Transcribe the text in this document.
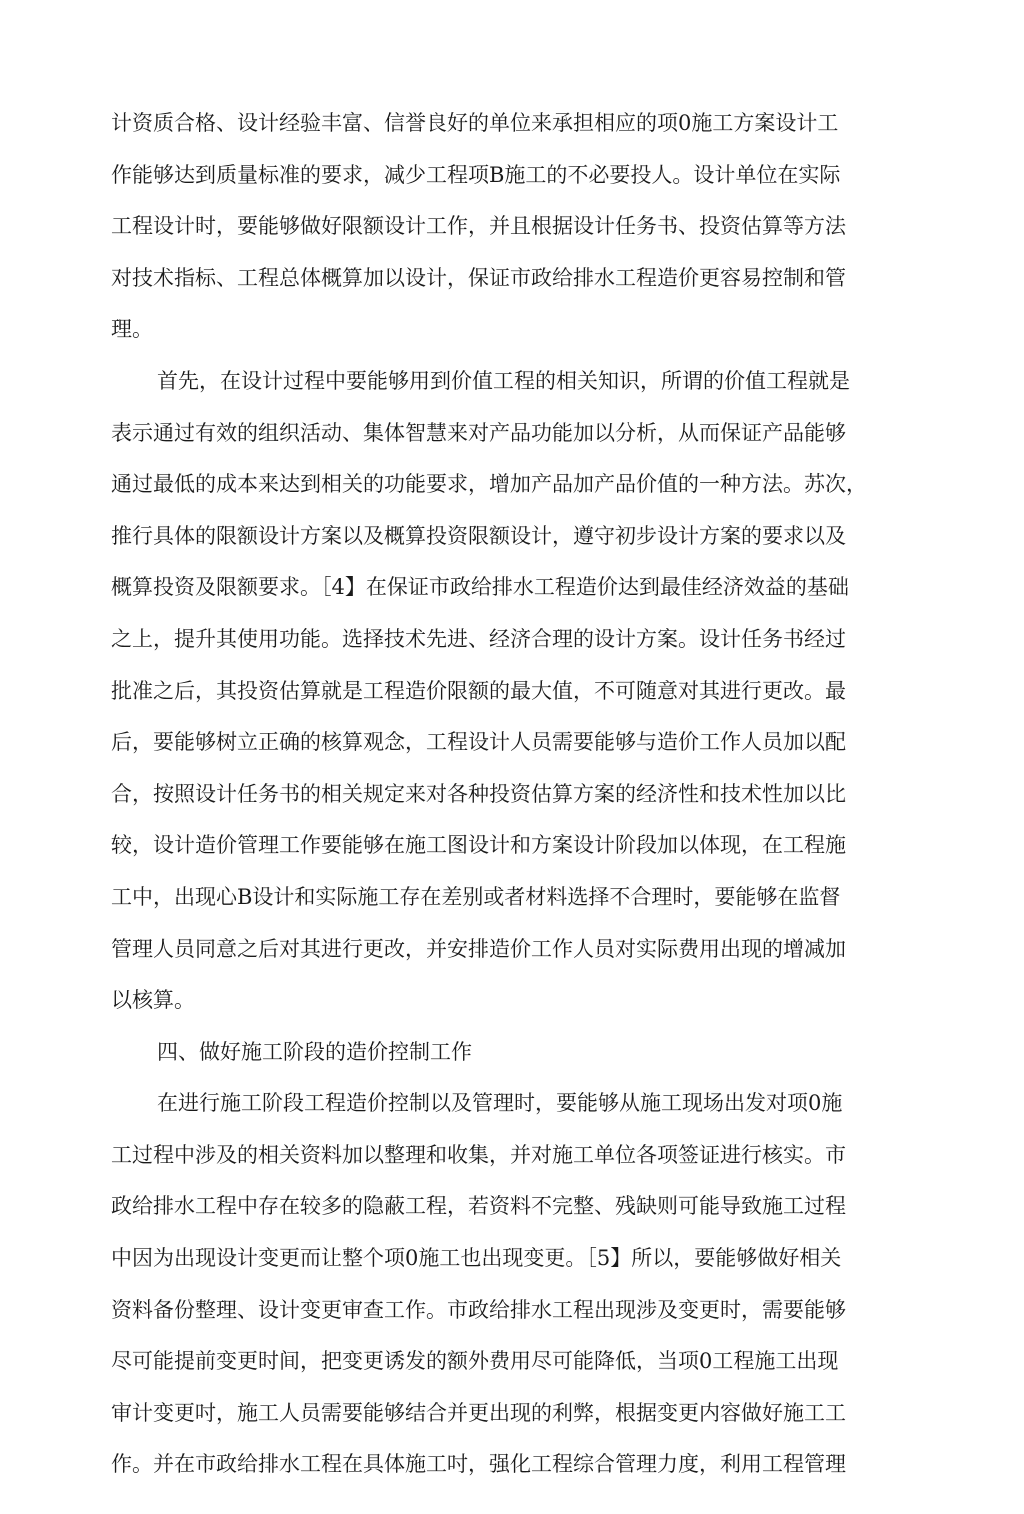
计资质合格、设计经验丰富、信誉良好的单位来承担相应的项0施工方案设计工
作能够达到质量标准的要求，减少工程项B施工的不必要投人。设计单位在实际
工程设计时，要能够做好限额设计工作，并且根据设计任务书、投资估算等方法
对技术指标、工程总体概算加以设计，保证市政给排水工程造价更容易控制和管
理。
首先，在设计过程中要能够用到价值工程的相关知识，所谓的价值工程就是
表示通过有效的组织活动、集体智慧来对产品功能加以分析，从而保证产品能够
通过最低的成本来达到相关的功能要求，增加产品加产品价值的一种方法。苏次，
推行具体的限额设计方案以及概算投资限额设计，遵守初步设计方案的要求以及
概算投资及限额要求。［4】在保证市政给排水工程造价达到最佳经济效益的基础
之上，提升其使用功能。选择技术先进、经济合理的设计方案。设计任务书经过
批准之后，其投资估算就是工程造价限额的最大值，不可随意对其进行更改。最
后，要能够树立正确的核算观念，工程设计人员需要能够与造价工作人员加以配
合，按照设计任务书的相关规定来对各种投资估算方案的经济性和技术性加以比
较，设计造价管理工作要能够在施工图设计和方案设计阶段加以体现，在工程施
工中，出现心B设计和实际施工存在差别或者材料选择不合理时，要能够在监督
管理人员同意之后对其进行更改，并安排造价工作人员对实际费用出现的增减加
以核算。
四、做好施工阶段的造价控制工作
在进行施工阶段工程造价控制以及管理时，要能够从施工现场出发对项0施
工过程中涉及的相关资料加以整理和收集，并对施工单位各项签证进行核实。市
政给排水工程中存在较多的隐蔽工程，若资料不完整、残缺则可能导致施工过程
中因为出现设计变更而让整个项0施工也出现变更。［5】所以，要能够做好相关
资料备份整理、设计变更审查工作。市政给排水工程出现涉及变更时，需要能够
尽可能提前变更时间，把变更诱发的额外费用尽可能降低，当项0工程施工出现
审计变更吋，施工人员需要能够结合并更出现的利弊，根据变更内容做好施工工
作。并在市政给排水工程在具体施工吋，强化工程综合管理力度，利用工程管理
